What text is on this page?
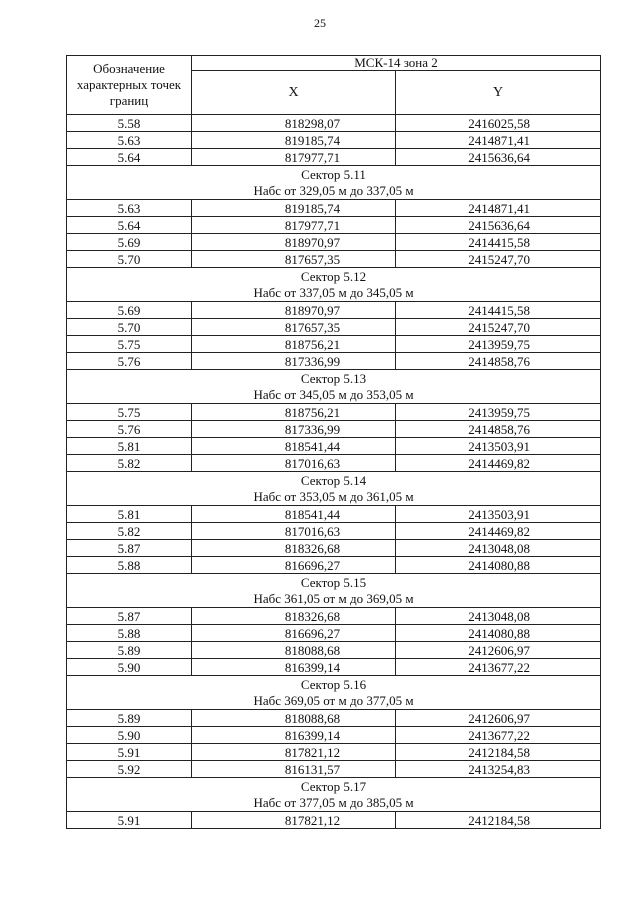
25
Обозначение характерных точек границ	МСК-14 зона 2	
	X	Y
5.58	818298,07	2416025,58
5.63	819185,74	2414871,41
5.64	817977,71	2415636,64

Сектор 5.11
Набс от 329,05 м до 337,05 м		

5.63	819185,74	2414871,41
5.64	817977,71	2415636,64
5.69	818970,97	2414415,58
5.70	817657,35	2415247,70

Сектор 5.12
Набс от 337,05 м до 345,05 м		

5.69	818970,97	2414415,58
5.70	817657,35	2415247,70
5.75	818756,21	2413959,75
5.76	817336,99	2414858,76

Сектор 5.13
Набс от 345,05 м до 353,05 м		

5.75	818756,21	2413959,75
5.76	817336,99	2414858,76
5.81	818541,44	2413503,91
5.82	817016,63	2414469,82

Сектор 5.14
Набс от 353,05 м до 361,05 м		

5.81	818541,44	2413503,91
5.82	817016,63	2414469,82
5.87	818326,68	2413048,08
5.88	816696,27	2414080,88

Сектор 5.15
Набс 361,05 от м до 369,05 м		

5.87	818326,68	2413048,08
5.88	816696,27	2414080,88
5.89	818088,68	2412606,97
5.90	816399,14	2413677,22

Сектор 5.16
Набс 369,05 от м до 377,05 м		

5.89	818088,68	2412606,97
5.90	816399,14	2413677,22
5.91	817821,12	2412184,58
5.92	816131,57	2413254,83

Сектор 5.17
Набс от 377,05 м до 385,05 м		

5.91	817821,12	2412184,58
